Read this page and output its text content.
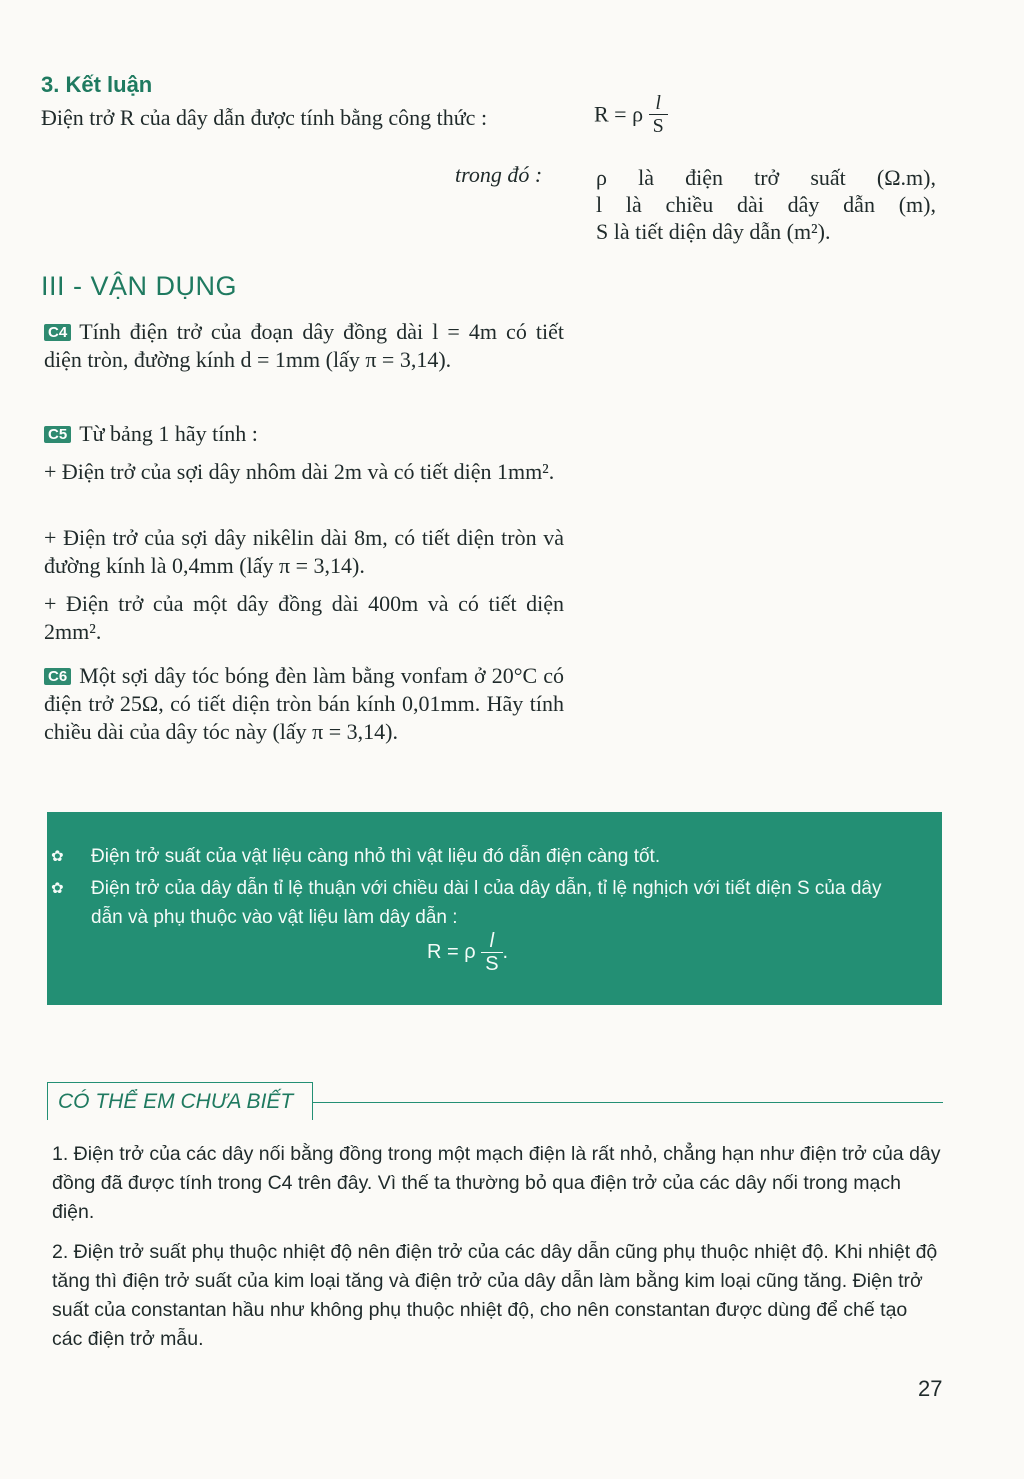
3. Kết luận
Điện trở R của dây dẫn được tính bằng công thức :	R = ρ $\frac{l}{S}$
trong đó : ρ là điện trở suất (Ω.m),
l là chiều dài dây dẫn (m),
S là tiết diện dây dẫn (m²).
III - VẬN DỤNG
C4 Tính điện trở của đoạn dây đồng dài l = 4m có tiết diện tròn, đường kính d = 1mm (lấy π = 3,14).
C5 Từ bảng 1 hãy tính :
+ Điện trở của sợi dây nhôm dài 2m và có tiết diện 1mm².
+ Điện trở của sợi dây nikêlin dài 8m, có tiết diện tròn và đường kính là 0,4mm (lấy π = 3,14).
+ Điện trở của một dây đồng dài 400m và có tiết diện 2mm².
C6 Một sợi dây tóc bóng đèn làm bằng vonfam ở 20°C có điện trở 25Ω, có tiết diện tròn bán kính 0,01mm. Hãy tính chiều dài của dây tóc này (lấy π = 3,14).
✿ Điện trở suất của vật liệu càng nhỏ thì vật liệu đó dẫn điện càng tốt.
✿ Điện trở của dây dẫn tỉ lệ thuận với chiều dài l của dây dẫn, tỉ lệ nghịch với tiết diện S của dây dẫn và phụ thuộc vào vật liệu làm dây dẫn :
R = ρ $\frac{l}{S}$ .
CÓ THỂ EM CHƯA BIẾT
1. Điện trở của các dây nối bằng đồng trong một mạch điện là rất nhỏ, chẳng hạn như điện trở của dây đồng đã được tính trong C4 trên đây. Vì thế ta thường bỏ qua điện trở của các dây nối trong mạch điện.
2. Điện trở suất phụ thuộc nhiệt độ nên điện trở của các dây dẫn cũng phụ thuộc nhiệt độ. Khi nhiệt độ tăng thì điện trở suất của kim loại tăng và điện trở của dây dẫn làm bằng kim loại cũng tăng. Điện trở suất của constantan hầu như không phụ thuộc nhiệt độ, cho nên constantan được dùng để chế tạo các điện trở mẫu.
27
